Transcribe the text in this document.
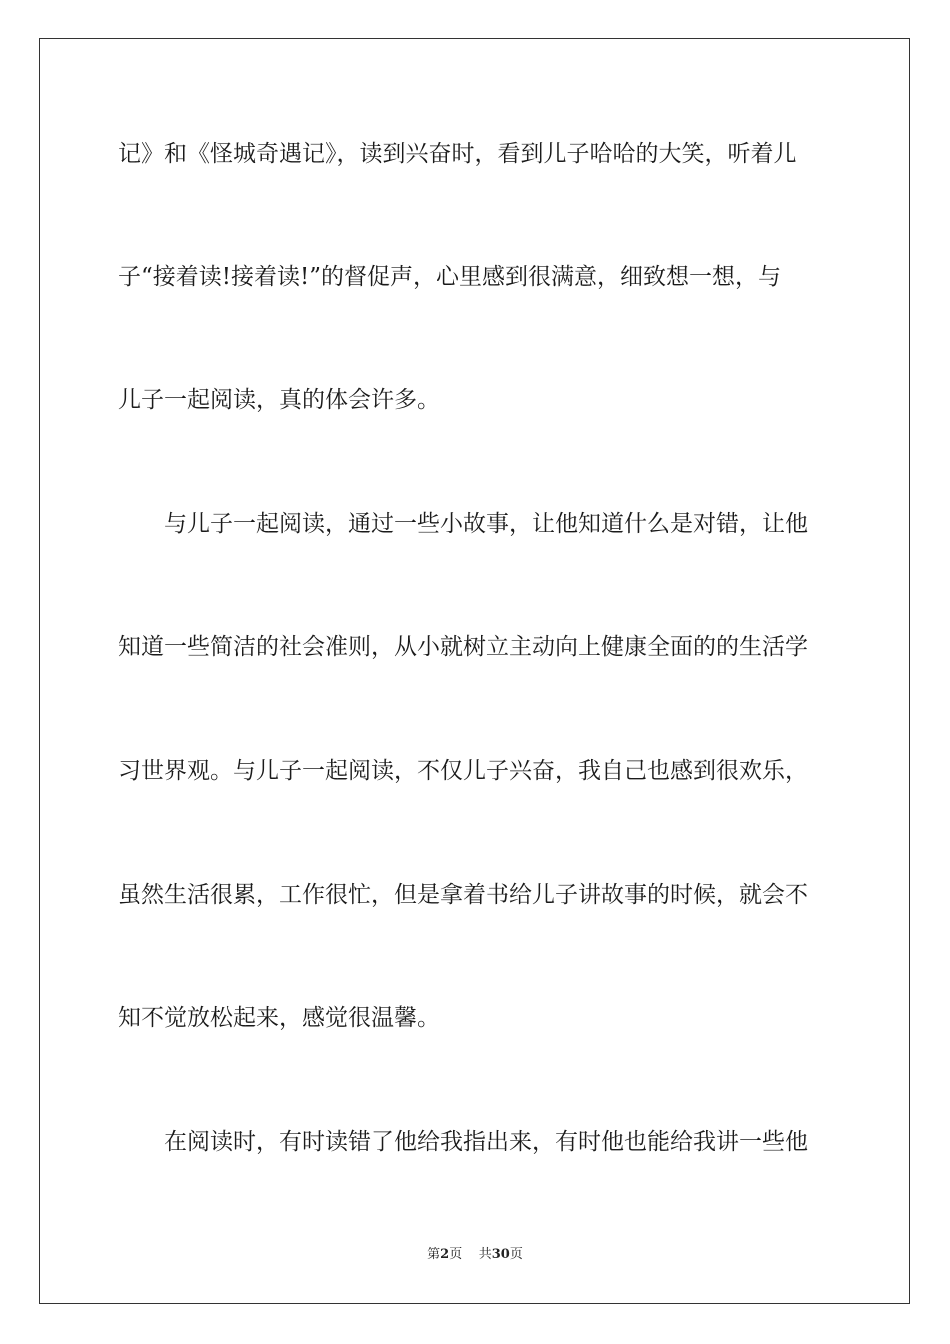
记》和《怪城奇遇记》，读到兴奋时，看到儿子哈哈的大笑，听着儿
子“接着读!接着读!”的督促声，心里感到很满意，细致想一想，与
儿子一起阅读，真的体会许多。
与儿子一起阅读，通过一些小故事，让他知道什么是对错，让他
知道一些简洁的社会准则，从小就树立主动向上健康全面的的生活学
习世界观。与儿子一起阅读，不仅儿子兴奋，我自己也感到很欢乐，
虽然生活很累，工作很忙，但是拿着书给儿子讲故事的时候，就会不
知不觉放松起来，感觉很温馨。
在阅读时，有时读错了他给我指出来，有时他也能给我讲一些他
第2页 共30页
